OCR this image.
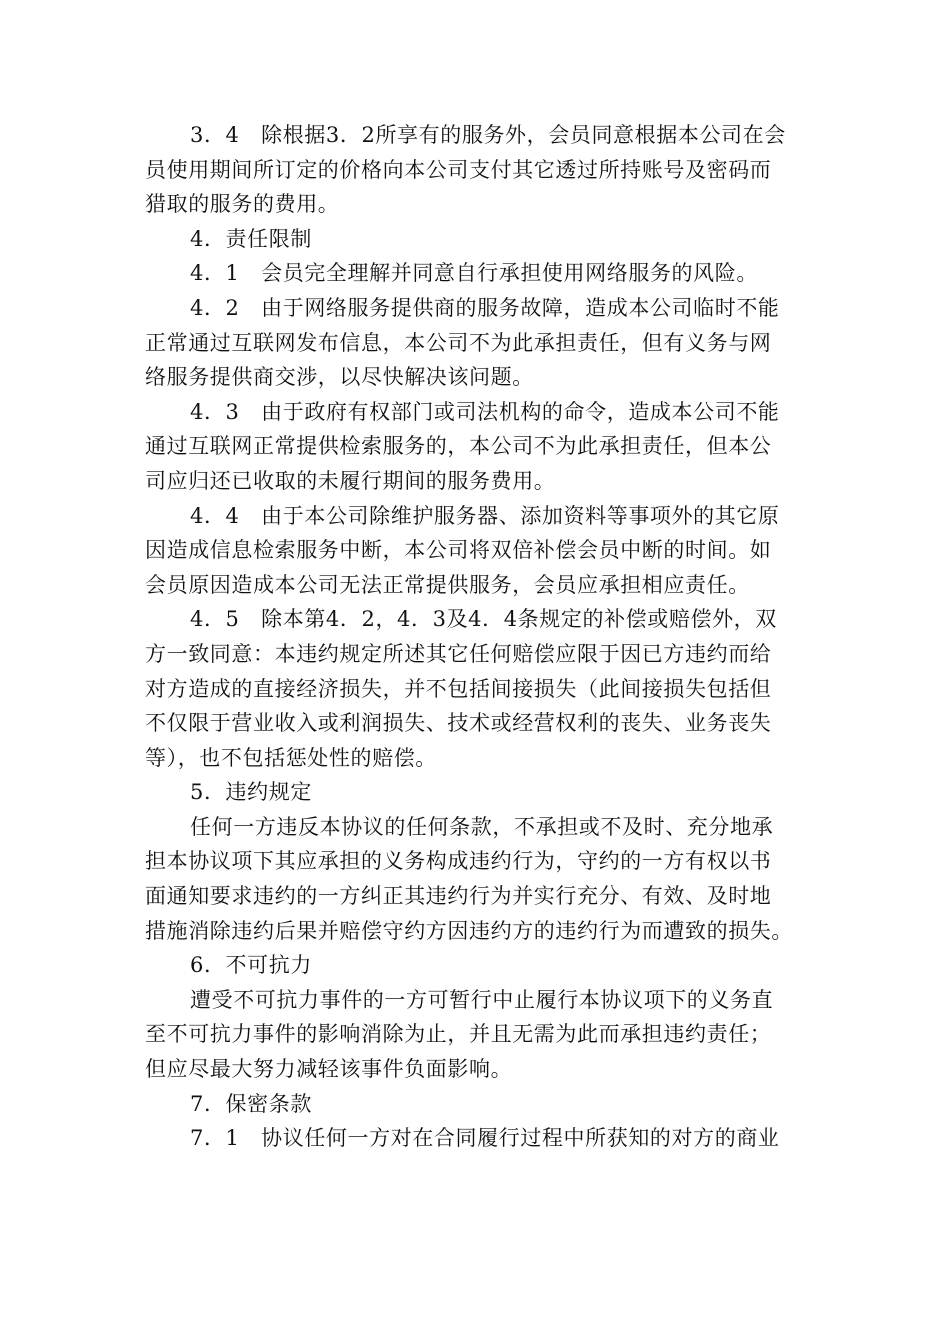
3．4　除根据3．2所享有的服务外，会员同意根据本公司在会
员使用期间所订定的价格向本公司支付其它透过所持账号及密码而
猎取的服务的费用。
4．责任限制
4．1　会员完全理解并同意自行承担使用网络服务的风险。
4．2　由于网络服务提供商的服务故障，造成本公司临时不能
正常通过互联网发布信息，本公司不为此承担责任，但有义务与网
络服务提供商交涉，以尽快解决该问题。
4．3　由于政府有权部门或司法机构的命令，造成本公司不能
通过互联网正常提供检索服务的，本公司不为此承担责任，但本公
司应归还已收取的未履行期间的服务费用。
4．4　由于本公司除维护服务器、添加资料等事项外的其它原
因造成信息检索服务中断，本公司将双倍补偿会员中断的时间。如
会员原因造成本公司无法正常提供服务，会员应承担相应责任。
4．5　除本第4．2，4．3及4．4条规定的补偿或赔偿外，双
方一致同意：本违约规定所述其它任何赔偿应限于因已方违约而给
对方造成的直接经济损失，并不包括间接损失（此间接损失包括但
不仅限于营业收入或利润损失、技术或经营权利的丧失、业务丧失
等），也不包括惩处性的赔偿。
5．违约规定
任何一方违反本协议的任何条款，不承担或不及时、充分地承
担本协议项下其应承担的义务构成违约行为，守约的一方有权以书
面通知要求违约的一方纠正其违约行为并实行充分、有效、及时地
措施消除违约后果并赔偿守约方因违约方的违约行为而遭致的损失。
6．不可抗力
遭受不可抗力事件的一方可暂行中止履行本协议项下的义务直
至不可抗力事件的影响消除为止，并且无需为此而承担违约责任；
但应尽最大努力减轻该事件负面影响。
7．保密条款
7．1　协议任何一方对在合同履行过程中所获知的对方的商业
